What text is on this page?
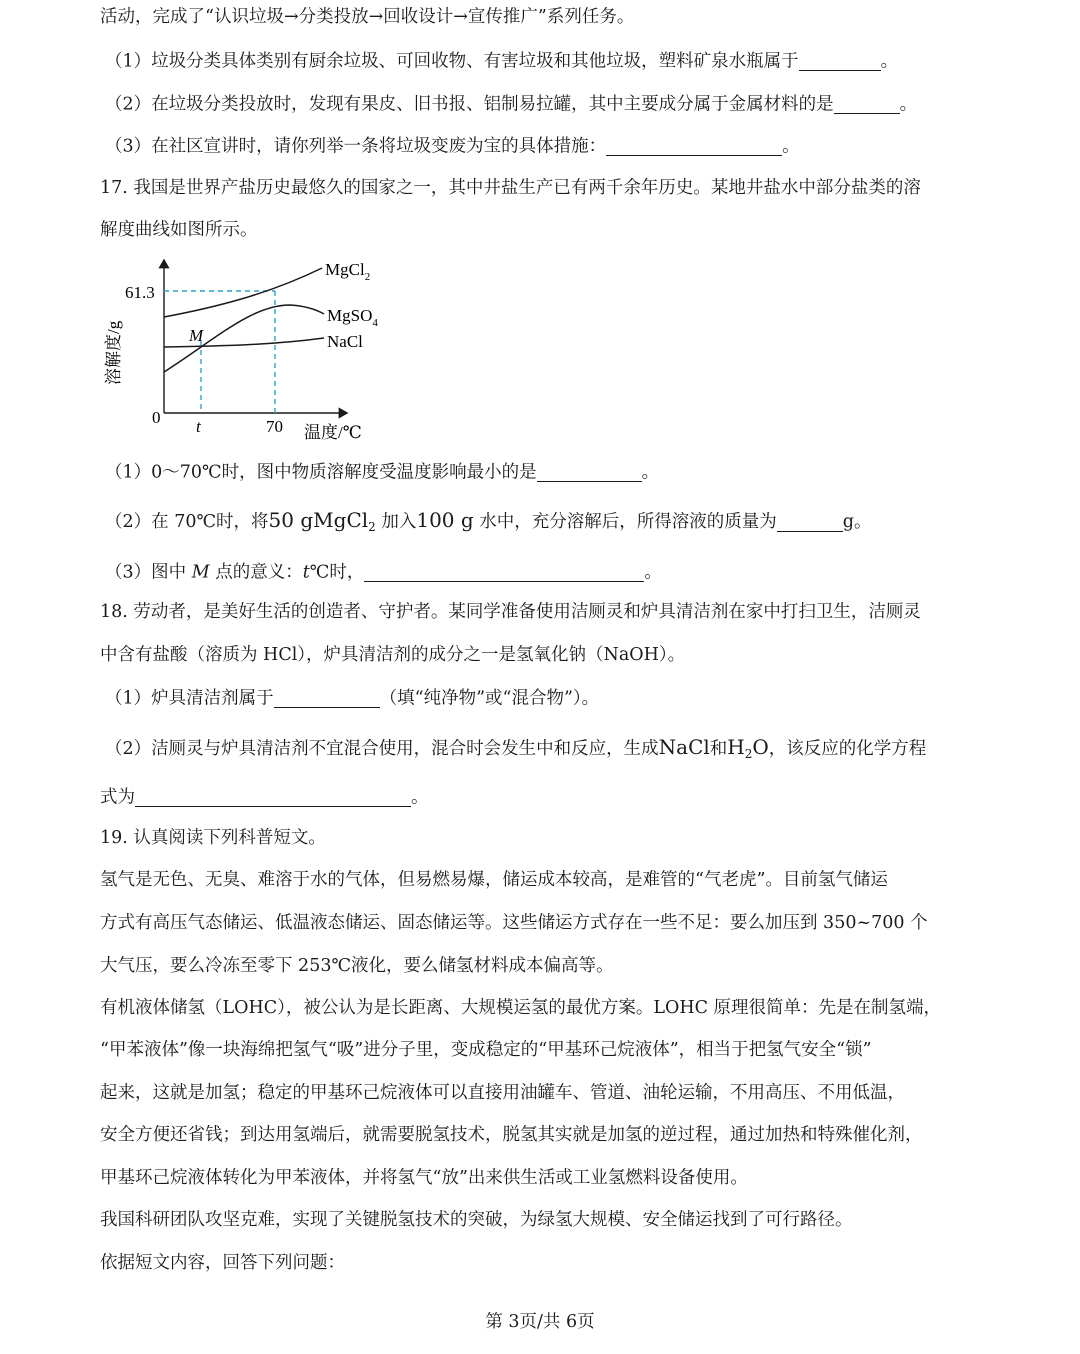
活动，完成了“认识垃圾→分类投放→回收设计→宣传推广”系列任务。
（1）垃圾分类具体类别有厨余垃圾、可回收物、有害垃圾和其他垃圾，塑料矿泉水瓶属于	。
（2）在垃圾分类投放时，发现有果皮、旧书报、铝制易拉罐，其中主要成分属于金属材料的是	。
（3）在社区宣讲时，请你列举一条将垃圾变废为宝的具体措施：	。
17. 我国是世界产盐历史最悠久的国家之一，其中井盐生产已有两千余年历史。某地井盐水中部分盐类的溶
解度曲线如图所示。
61.3
0 t	70 温度/℃
溶解度/g	M
MgCl$_2$
MgSO$_4$
NaCl
（1）0～70℃时，图中物质溶解度受温度影响最小的是	。
（2）在 70℃时，将50 gMgCl$_2$ 加入100 g 水中，充分溶解后，所得溶液的质量为	g。
（3）图中 M 点的意义：t℃时，	。
18. 劳动者，是美好生活的创造者、守护者。某同学准备使用洁厕灵和炉具清洁剂在家中打扫卫生，洁厕灵
中含有盐酸（溶质为 HCl），炉具清洁剂的成分之一是氢氧化钠（NaOH）。
（1）炉具清洁剂属于	（填“纯净物”或“混合物”）。
（2）洁厕灵与炉具清洁剂不宜混合使用，混合时会发生中和反应，生成NaCl和$H_2O$，该反应的化学方程
式为	。
19. 认真阅读下列科普短文。
氢气是无色、无臭、难溶于水的气体，但易燃易爆，储运成本较高，是难管的“气老虎”。目前氢气储运
方式有高压气态储运、低温液态储运、固态储运等。这些储运方式存在一些不足：要么加压到 350~700 个
大气压，要么冷冻至零下 253℃液化，要么储氢材料成本偏高等。
有机液体储氢（LOHC），被公认为是长距离、大规模运氢的最优方案。LOHC 原理很简单：先是在制氢端，
“甲苯液体”像一块海绵把氢气“吸”进分子里，变成稳定的“甲基环己烷液体”，相当于把氢气安全“锁”
起来，这就是加氢；稳定的甲基环己烷液体可以直接用油罐车、管道、油轮运输，不用高压、不用低温，
安全方便还省钱；到达用氢端后，就需要脱氢技术，脱氢其实就是加氢的逆过程，通过加热和特殊催化剂，
甲基环己烷液体转化为甲苯液体，并将氢气“放”出来供生活或工业氢燃料设备使用。
我国科研团队攻坚克难，实现了关键脱氢技术的突破，为绿氢大规模、安全储运找到了可行路径。
依据短文内容，回答下列问题：
第 3页/共 6页
